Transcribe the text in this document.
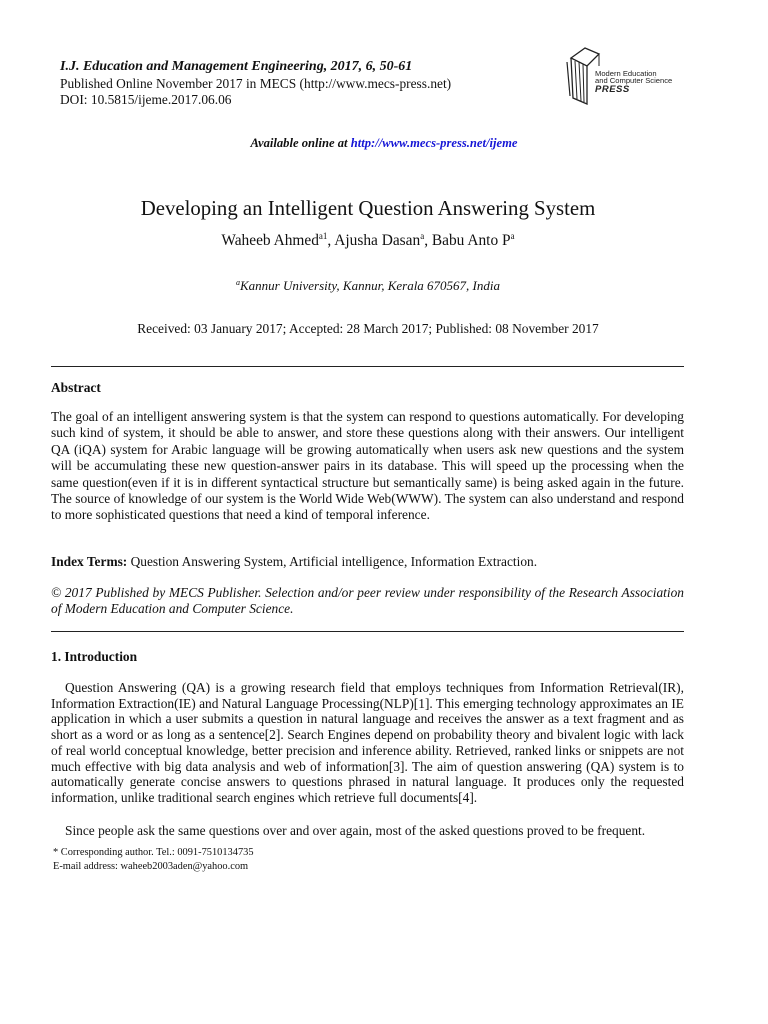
I.J. Education and Management Engineering, 2017, 6, 50-61
Published Online November 2017 in MECS (http://www.mecs-press.net)
DOI: 10.5815/ijeme.2017.06.06
Modern Education
and Computer Science
PRESS
Available online at http://www.mecs-press.net/ijeme
Developing an Intelligent Question Answering System
Waheeb Ahmed$^{a1}$, Ajusha Dasan$^a$, Babu Anto $P^a$
$^a$Kannur University, Kannur, Kerala 670567, India
Received: 03 January 2017; Accepted: 28 March 2017; Published: 08 November 2017
Abstract

The goal of an intelligent answering system is that the system can respond to questions automatically. For developing such kind of system, it should be able to answer, and store these questions along with their answers. Our intelligent QA (iQA) system for Arabic language will be growing automatically when users ask new questions and the system will be accumulating these new question-answer pairs in its database. This will speed up the processing when the same question(even if it is in different syntactical structure but semantically same) is being asked again in the future. The source of knowledge of our system is the World Wide Web(WWW). The system can also understand and respond to more sophisticated questions that need a kind of temporal inference.

Index Terms: Question Answering System, Artificial intelligence, Information Extraction.

© 2017 Published by MECS Publisher. Selection and/or peer review under responsibility of the Research Association of Modern Education and Computer Science.

1. Introduction

Question Answering (QA) is a growing research field that employs techniques from Information Retrieval(IR), Information Extraction(IE) and Natural Language Processing(NLP)[1]. This emerging technology approximates an IE application in which a user submits a question in natural language and receives the answer as a text fragment and as short as a word or as long as a sentence[2]. Search Engines depend on probability theory and bivalent logic with lack of real world conceptual knowledge, better precision and inference ability. Retrieved, ranked links or snippets are not much effective with big data analysis and web of information[3]. The aim of question answering (QA) system is to automatically generate concise answers to questions phrased in natural language. It produces only the requested information, unlike traditional search engines which retrieve full documents[4].

Since people ask the same questions over and over again, most of the asked questions proved to be frequent.

* Corresponding author. Tel.: 0091-7510134735
E-mail address: waheeb2003aden@yahoo.com
